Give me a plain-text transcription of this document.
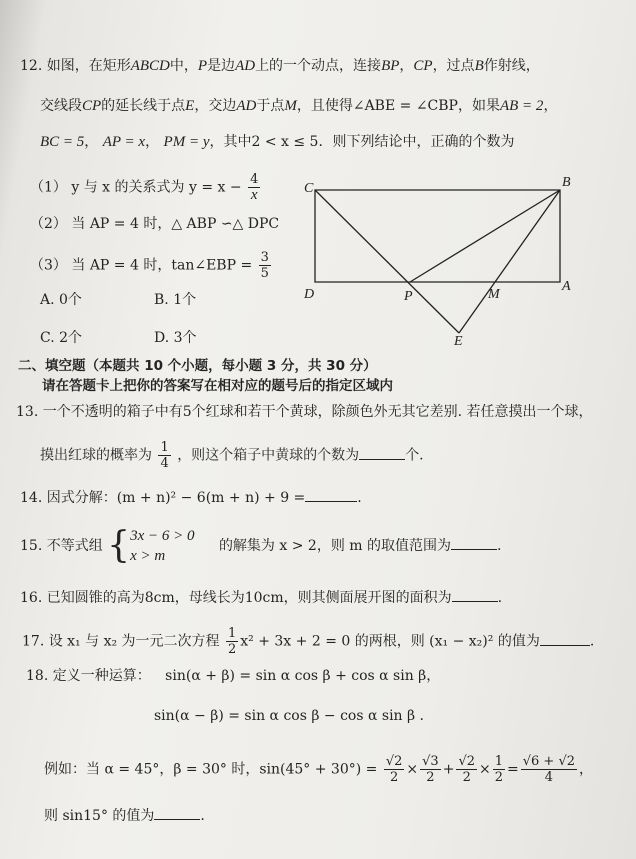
12. 如图，在矩形ABCD中，P是边AD上的一个动点，连接BP，CP，过点B作射线，
交线段CP的延长线于点E，交边AD于点M，且使得∠ABE = ∠CBP，如果AB = 2，
BC = 5， AP = x， PM = y，其中2 < x ≤ 5．则下列结论中，正确的个数为
（1） y 与 x 的关系式为 $y = x - \frac{4}{x}$
（2） 当 AP = 4 时，△ ABP ∽△ DPC
（3） 当 AP = 4 时，tan∠EBP = $\frac{3}{5}$
A. 0个	B. 1个
C. 2个	D. 3个
C	B
D	P	M
A
E
二、填空题（本题共 10 个小题，每小题 3 分，共 30 分）
请在答题卡上把你的答案写在相对应的题号后的指定区域内
13. 一个不透明的箱子中有5个红球和若干个黄球，除颜色外无其它差别. 若任意摸出一个球，
摸出红球的概率为 $\frac{1}{4}$ ，则这个箱子中黄球的个数为	个.
14. 因式分解：(m + n)² − 6(m + n) + 9 =	.
15. 不等式组 { 3x − 6 > 0
x > m
的解集为 x > 2，则 m 的取值范围为	.
16. 已知圆锥的高为8cm，母线长为10cm，则其侧面展开图的面积为	.
17. 设 x₁ 与 x₂ 为一元二次方程 $\frac{1}{2} x^2 + 3x + 2 = 0$ 的两根，则 (x₁ − x₂)² 的值为	.
18. 定义一种运算： sin(α + β) = sin α cos β + cos α sin β，
sin(α − β) = sin α cos β − cos α sin β .
例如：当 α = 45°，β = 30° 时，$\sin(45^\circ + 30^\circ) = \frac{√2}{2} \times \frac{√3}{2} + \frac{√2}{2} \times \frac{1}{2} = \frac{√6 + √2}{4}$ ，
则 sin15° 的值为	.
